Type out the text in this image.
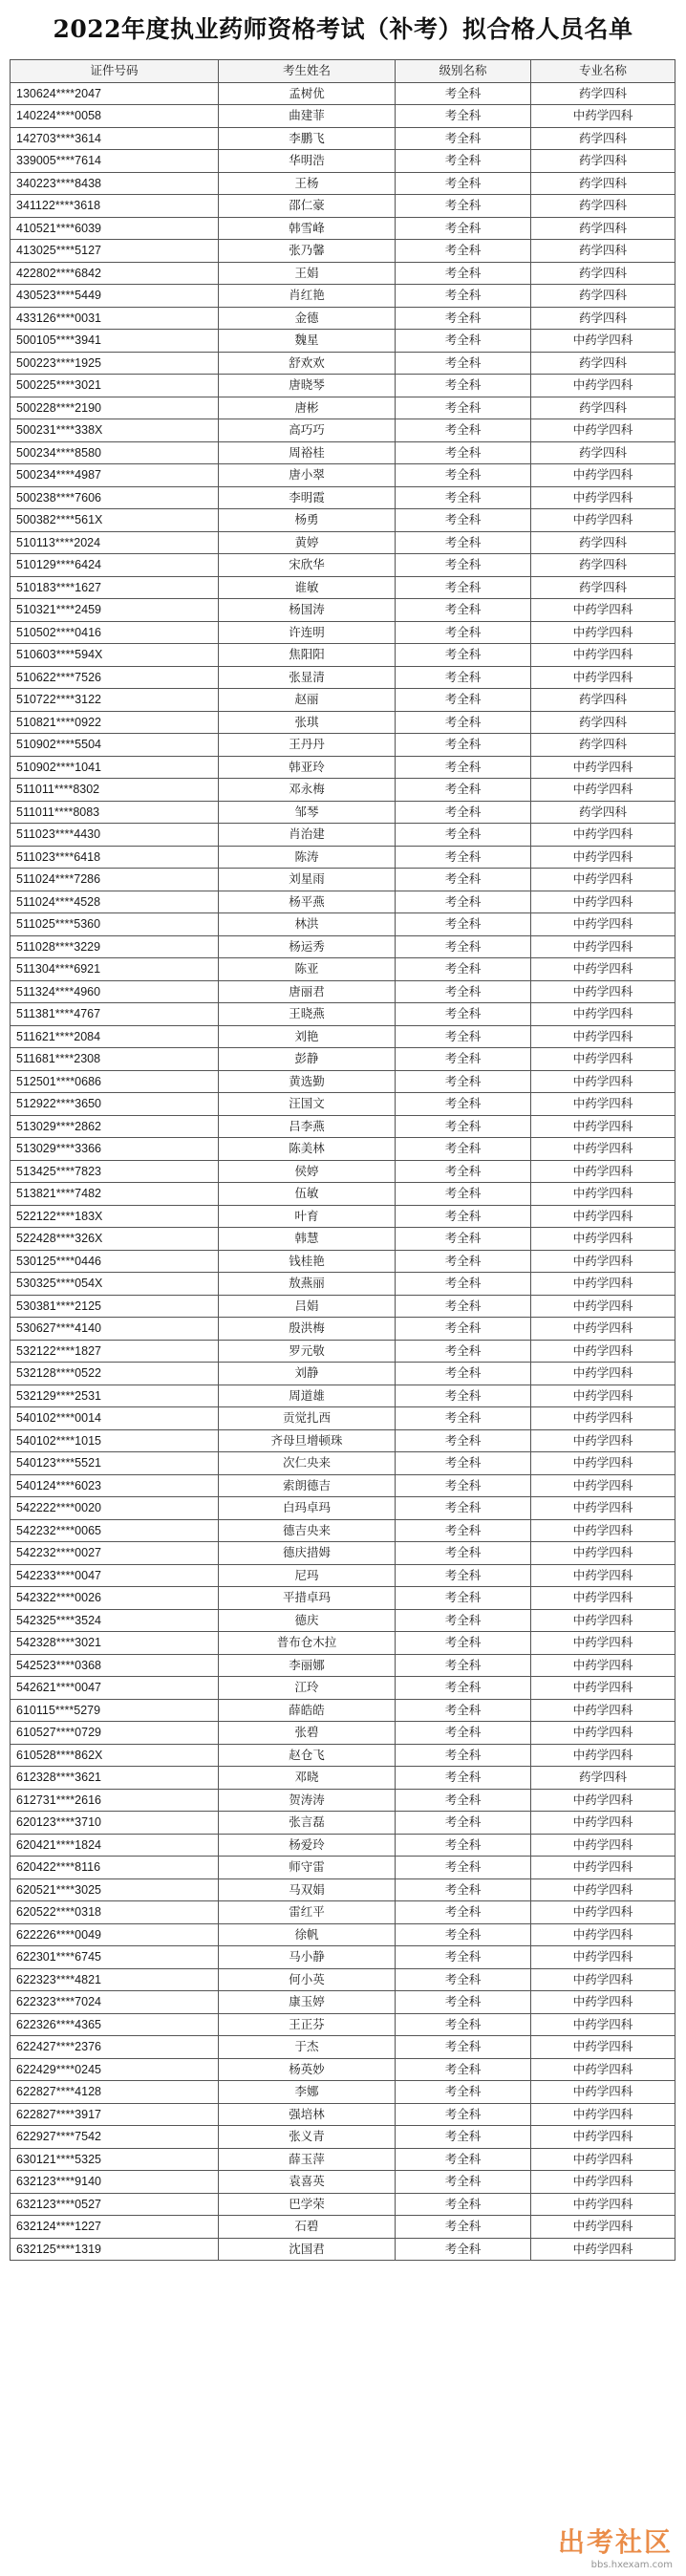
2022年度执业药师资格考试（补考）拟合格人员名单
证件号码	考生姓名	级别名称	专业名称
130624****2047	孟树优	考全科	药学四科
140224****0058	曲建菲	考全科	中药学四科
142703****3614	李鹏飞	考全科	药学四科
339005****7614	华明浩	考全科	药学四科
340223****8438	王杨	考全科	药学四科
341122****3618	邵仁豪	考全科	药学四科
410521****6039	韩雪峰	考全科	药学四科
413025****5127	张乃馨	考全科	药学四科
422802****6842	王娟	考全科	药学四科
430523****5449	肖红艳	考全科	药学四科
433126****0031	金德	考全科	药学四科
500105****3941	魏星	考全科	中药学四科
500223****1925	舒欢欢	考全科	药学四科
500225****3021	唐晓琴	考全科	中药学四科
500228****2190	唐彬	考全科	药学四科
500231****338X	高巧巧	考全科	中药学四科
500234****8580	周裕桂	考全科	药学四科
500234****4987	唐小翠	考全科	中药学四科
500238****7606	李明霞	考全科	中药学四科
500382****561X	杨勇	考全科	中药学四科
510113****2024	黄婷	考全科	药学四科
510129****6424	宋欣华	考全科	药学四科
510183****1627	谁敏	考全科	药学四科
510321****2459	杨国涛	考全科	中药学四科
510502****0416	许连明	考全科	中药学四科
510603****594X	焦阳阳	考全科	中药学四科
510622****7526	张显清	考全科	中药学四科
510722****3122	赵丽	考全科	药学四科
510821****0922	张琪	考全科	药学四科
510902****5504	王丹丹	考全科	药学四科
510902****1041	韩亚玲	考全科	中药学四科
511011****8302	邓永梅	考全科	中药学四科
511011****8083	邹琴	考全科	药学四科
511023****4430	肖治建	考全科	中药学四科
511023****6418	陈涛	考全科	中药学四科
511024****7286	刘星雨	考全科	中药学四科
511024****4528	杨平燕	考全科	中药学四科
511025****5360	林洪	考全科	中药学四科
511028****3229	杨运秀	考全科	中药学四科
511304****6921	陈亚	考全科	中药学四科
511324****4960	唐丽君	考全科	中药学四科
511381****4767	王晓燕	考全科	中药学四科
511621****2084	刘艳	考全科	中药学四科
511681****2308	彭静	考全科	中药学四科
512501****0686	黄选勤	考全科	中药学四科
512922****3650	汪国文	考全科	中药学四科
513029****2862	吕李燕	考全科	中药学四科
513029****3366	陈美林	考全科	中药学四科
513425****7823	侯婷	考全科	中药学四科
513821****7482	伍敏	考全科	中药学四科
522122****183X	叶育	考全科	中药学四科
522428****326X	韩慧	考全科	中药学四科
530125****0446	钱桂艳	考全科	中药学四科
530325****054X	敖燕丽	考全科	中药学四科
530381****2125	吕娟	考全科	中药学四科
530627****4140	殷洪梅	考全科	中药学四科
532122****1827	罗元敬	考全科	中药学四科
532128****0522	刘静	考全科	中药学四科
532129****2531	周道雄	考全科	中药学四科
540102****0014	贡觉扎西	考全科	中药学四科
540102****1015	齐母旦增顿珠	考全科	中药学四科
540123****5521	次仁央来	考全科	中药学四科
540124****6023	索朗德吉	考全科	中药学四科
542222****0020	白玛卓玛	考全科	中药学四科
542232****0065	德吉央来	考全科	中药学四科
542232****0027	德庆措姆	考全科	中药学四科
542233****0047	尼玛	考全科	中药学四科
542322****0026	平措卓玛	考全科	中药学四科
542325****3524	德庆	考全科	中药学四科
542328****3021	普布仓木拉	考全科	中药学四科
542523****0368	李丽娜	考全科	中药学四科
542621****0047	江玲	考全科	中药学四科
610115****5279	薛皓皓	考全科	中药学四科
610527****0729	张碧	考全科	中药学四科
610528****862X	赵仓飞	考全科	中药学四科
612328****3621	邓晓	考全科	药学四科
612731****2616	贺涛涛	考全科	中药学四科
620123****3710	张言磊	考全科	中药学四科
620421****1824	杨爱玲	考全科	中药学四科
620422****8116	师守雷	考全科	中药学四科
620521****3025	马双娟	考全科	中药学四科
620522****0318	雷红平	考全科	中药学四科
622226****0049	徐帆	考全科	中药学四科
622301****6745	马小静	考全科	中药学四科
622323****4821	何小英	考全科	中药学四科
622323****7024	康玉婷	考全科	中药学四科
622326****4365	王正芬	考全科	中药学四科
622427****2376	于杰	考全科	中药学四科
622429****0245	杨英妙	考全科	中药学四科
622827****4128	李娜	考全科	中药学四科
622827****3917	强培林	考全科	中药学四科
622927****7542	张义青	考全科	中药学四科
630121****5325	薛玉萍	考全科	中药学四科
632123****9140	袁喜英	考全科	中药学四科
632123****0527	巴学荣	考全科	中药学四科
632124****1227	石碧	考全科	中药学四科
632125****1319	沈国君	考全科	中药学四科
出考社区
bbs.hxexam.com
